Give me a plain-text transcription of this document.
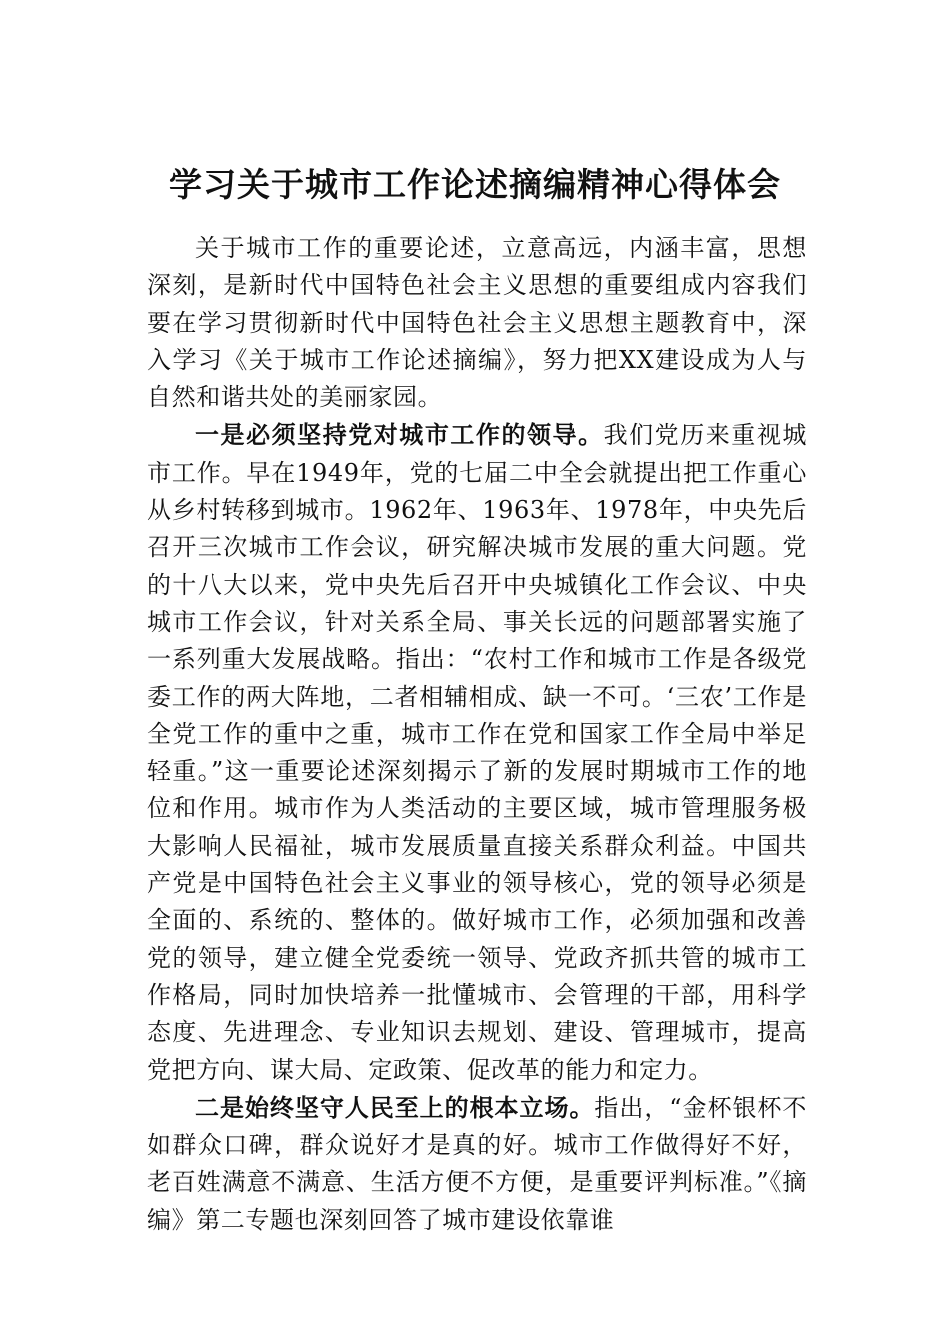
学习关于城市工作论述摘编精神心得体会

关于城市工作的重要论述，立意高远，内涵丰富，思想深刻，是新时代中国特色社会主义思想的重要组成内容我们要在学习贯彻新时代中国特色社会主义思想主题教育中，深入学习《关于城市工作论述摘编》，努力把XX建设成为人与自然和谐共处的美丽家园。

一是必须坚持党对城市工作的领导。我们党历来重视城市工作。早在1949年，党的七届二中全会就提出把工作重心从乡村转移到城市。1962年、1963年、1978年，中央先后召开三次城市工作会议，研究解决城市发展的重大问题。党的十八大以来，党中央先后召开中央城镇化工作会议、中央城市工作会议，针对关系全局、事关长远的问题部署实施了一系列重大发展战略。指出：“农村工作和城市工作是各级党委工作的两大阵地，二者相辅相成、缺一不可。‘三农’工作是全党工作的重中之重，城市工作在党和国家工作全局中举足轻重。”这一重要论述深刻揭示了新的发展时期城市工作的地位和作用。城市作为人类活动的主要区域，城市管理服务极大影响人民福祉，城市发展质量直接关系群众利益。中国共产党是中国特色社会主义事业的领导核心，党的领导必须是全面的、系统的、整体的。做好城市工作，必须加强和改善党的领导，建立健全党委统一领导、党政齐抓共管的城市工作格局，同时加快培养一批懂城市、会管理的干部，用科学态度、先进理念、专业知识去规划、建设、管理城市，提高党把方向、谋大局、定政策、促改革的能力和定力。

二是始终坚守人民至上的根本立场。指出，“金杯银杯不如群众口碑，群众说好才是真的好。城市工作做得好不好，老百姓满意不满意、生活方便不方便，是重要评判标准。”《摘编》第二专题也深刻回答了城市建设依靠谁
